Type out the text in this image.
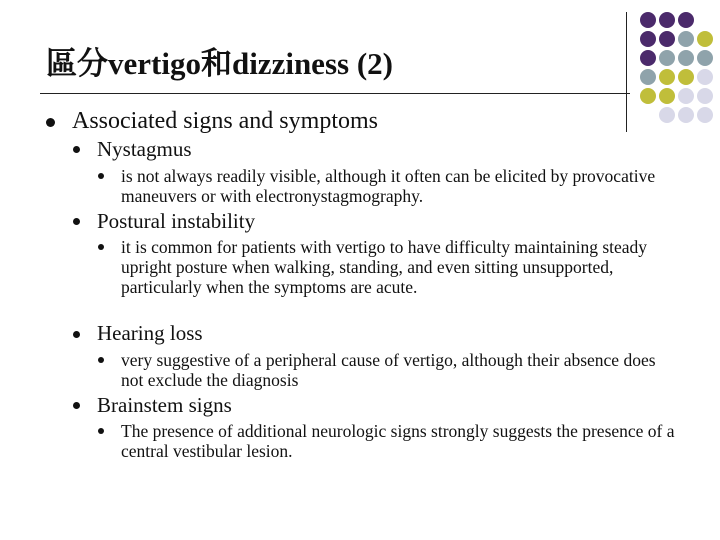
區分vertigo和dizziness (2)
Associated signs and symptoms
Nystagmus
is not always readily visible, although it often can be elicited by provocative maneuvers or with electronystagmography.
Postural instability
it is common for patients with vertigo to have difficulty maintaining steady upright posture when walking, standing, and even sitting unsupported, particularly when the symptoms are acute.
Hearing loss
very suggestive of a peripheral cause of vertigo, although their absence does not exclude the diagnosis
Brainstem signs
The presence of additional neurologic signs strongly suggests the presence of a central vestibular lesion.
